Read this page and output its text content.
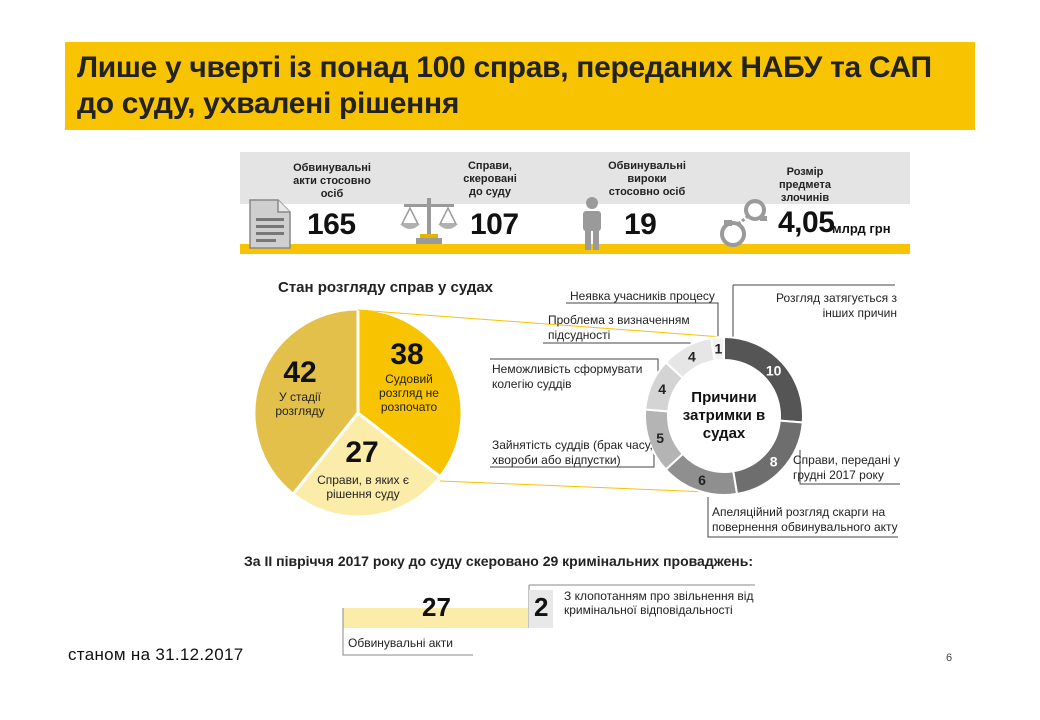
Лише у чверті із понад 100 справ, переданих НАБУ та САП до суду, ухвалені рішення
Обвинувальні акти стосовно осіб
165
Справи, скеровані до суду
107
Обвинувальні вироки стосовно осіб
19
Розмір предмета злочинів
4,05
млрд грн
Стан розгляду справ у судах
42
У стадії розгляду
38
Судовий розгляд не розпочато
27
Справи, в яких є рішення суду
10
8
6
5
4
4 1
Причини затримки в судах
Розгляд затягується з інших причин
Справи, передані у грудні 2017 року
Апеляційний розгляд скарги на повернення обвинувального акту
Зайнятість суддів (брак часу, хвороби або відпустки)
Неможливість сформувати колегію суддів
Проблема з визначенням підсудності
Неявка учасників процесу
За ІІ півріччя 2017 року до суду скеровано 29 кримінальних проваджень:
27
Обвинувальні акти
2 З клопотанням про звільнення від кримінальної відповідальності
станом на 31.12.2017	6
